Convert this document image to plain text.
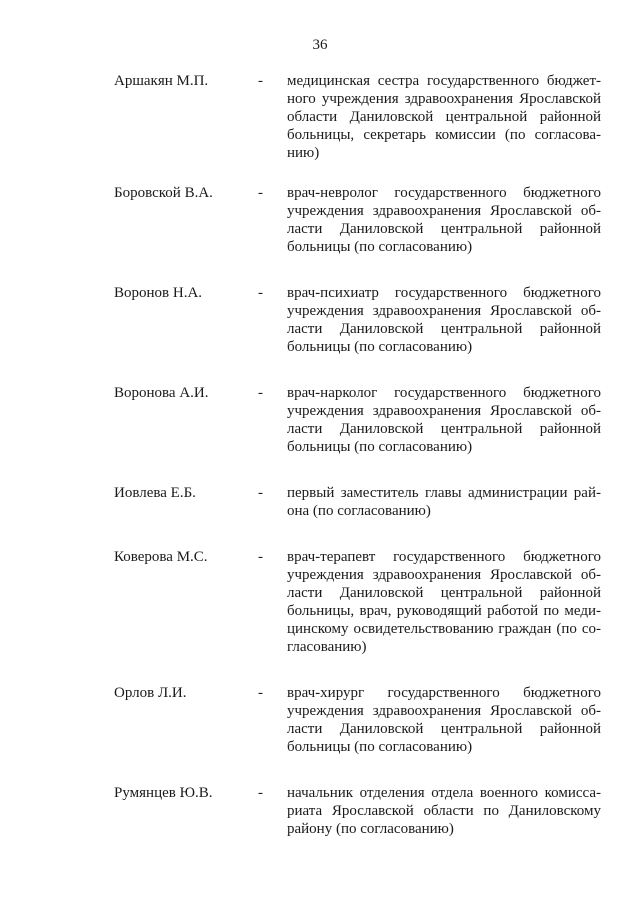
36
Аршакян М.П.	- медицинская сестра государственного бюджетного учреждения здравоохранения Ярославской области Даниловской центральной районной больницы, секретарь комиссии (по согласованию)
Боровской В.А.	- врач-невролог государственного бюджетного учреждения здравоохранения Ярославской области Даниловской центральной районной больницы (по согласованию)
Воронов Н.А.	- врач-психиатр государственного бюджетного учреждения здравоохранения Ярославской области Даниловской центральной районной больницы (по согласованию)
Воронова А.И.	- врач-нарколог государственного бюджетного учреждения здравоохранения Ярославской области Даниловской центральной районной больницы (по согласованию)
Иовлева Е.Б.	- первый заместитель главы администрации района (по согласованию)
Коверова М.С.	- врач-терапевт государственного бюджетного учреждения здравоохранения Ярославской области Даниловской центральной районной больницы, врач, руководящий работой по медицинскому освидетельствованию граждан (по согласованию)
Орлов Л.И.	- врач-хирург государственного бюджетного учреждения здравоохранения Ярославской области Даниловской центральной районной больницы (по согласованию)
Румянцев Ю.В.	- начальник отделения отдела военного комиссариата Ярославской области по Даниловскому району (по согласованию)
